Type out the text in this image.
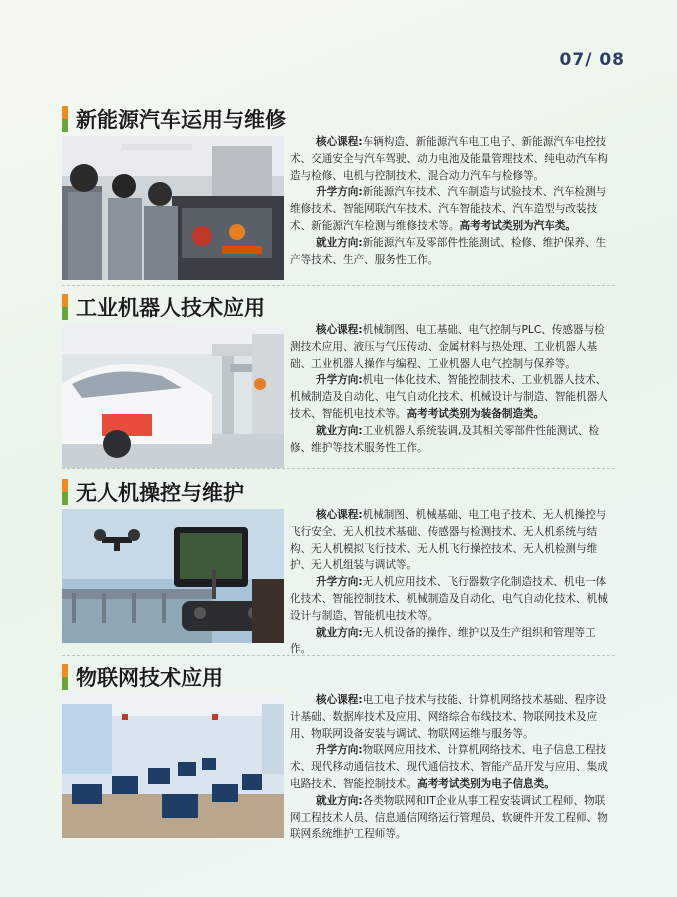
07/ 08
新能源汽车运用与维修
核心课程:车辆构造、新能源汽车电工电子、新能源汽车电控技术、交通安全与汽车驾驶、动力电池及能量管理技术、纯电动汽车构造与检修、电机与控制技术、混合动力汽车与检修等。
升学方向:新能源汽车技术、汽车制造与试验技术、汽车检测与维修技术、智能网联汽车技术、汽车智能技术、汽车造型与改装技术、新能源汽车检测与维修技术等。高考考试类别为汽车类。
就业方向:新能源汽车及零部件性能测试、检修、维护保养、生产等技术、生产、服务性工作。
工业机器人技术应用
核心课程:机械制图、电工基础、电气控制与PLC、传感器与检测技术应用、液压与气压传动、金属材料与热处理、工业机器人基础、工业机器人操作与编程、工业机器人电气控制与保养等。
升学方向:机电一体化技术、智能控制技术、工业机器人技术、机械制造及自动化、电气自动化技术、机械设计与制造、智能机器人技术、智能机电技术等。高考考试类别为装备制造类。
就业方向:工业机器人系统装调,及其相关零部件性能测试、检修、维护等技术服务性工作。
无人机操控与维护
核心课程:机械制图、机械基础、电工电子技术、无人机操控与飞行安全、无人机技术基础、传感器与检测技术、无人机系统与结构、无人机模拟飞行技术、无人机飞行操控技术、无人机检测与维护、无人机组装与调试等。
升学方向:无人机应用技术、飞行器数字化制造技术、机电一体化技术、智能控制技术、机械制造及自动化、电气自动化技术、机械设计与制造、智能机电技术等。
就业方向:无人机设备的操作、维护以及生产组织和管理等工作。
物联网技术应用
核心课程:电工电子技术与技能、计算机网络技术基础、程序设计基础、数据库技术及应用、网络综合布线技术、物联网技术及应用、物联网设备安装与调试、物联网运维与服务等。
升学方向:物联网应用技术、计算机网络技术、电子信息工程技术、现代移动通信技术、现代通信技术、智能产品开发与应用、集成电路技术、智能控制技术。高考考试类别为电子信息类。
就业方向:各类物联网和IT企业从事工程安装调试工程师、物联网工程技术人员、信息通信网络运行管理员、软硬件开发工程师、物联网系统维护工程师等。
